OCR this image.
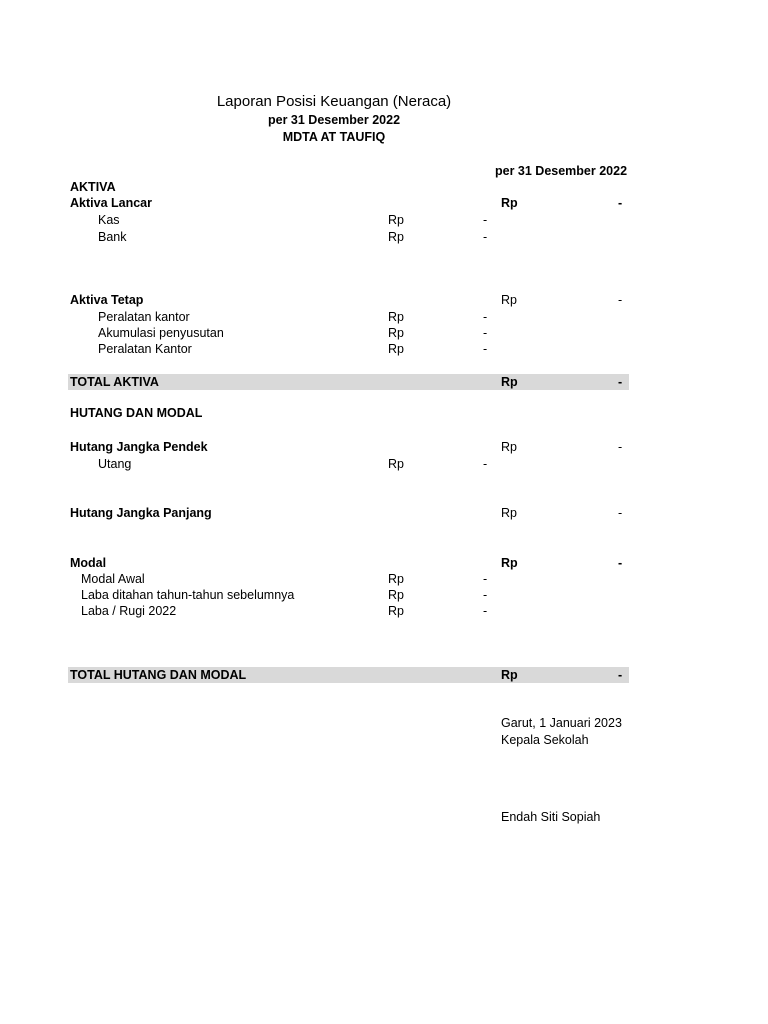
Laporan Posisi Keuangan (Neraca)
per 31 Desember 2022
MDTA AT TAUFIQ
per 31 Desember 2022
AKTIVA
Aktiva Lancar	Rp	-
Kas	Rp	-
Bank	Rp	-
Aktiva Tetap	Rp	-
Peralatan kantor	Rp	-
Akumulasi penyusutan	Rp	-
Peralatan Kantor	Rp	-
TOTAL AKTIVA	Rp	-
HUTANG DAN MODAL
Hutang Jangka Pendek	Rp	-
Utang	Rp	-
Hutang Jangka Panjang	Rp	-
Modal	Rp	-
Modal Awal	Rp	-
Laba ditahan tahun-tahun sebelumnya	Rp	-
Laba / Rugi 2022	Rp	-
TOTAL HUTANG DAN MODAL	Rp	-
Garut, 1 Januari 2023
Kepala Sekolah
Endah Siti Sopiah
